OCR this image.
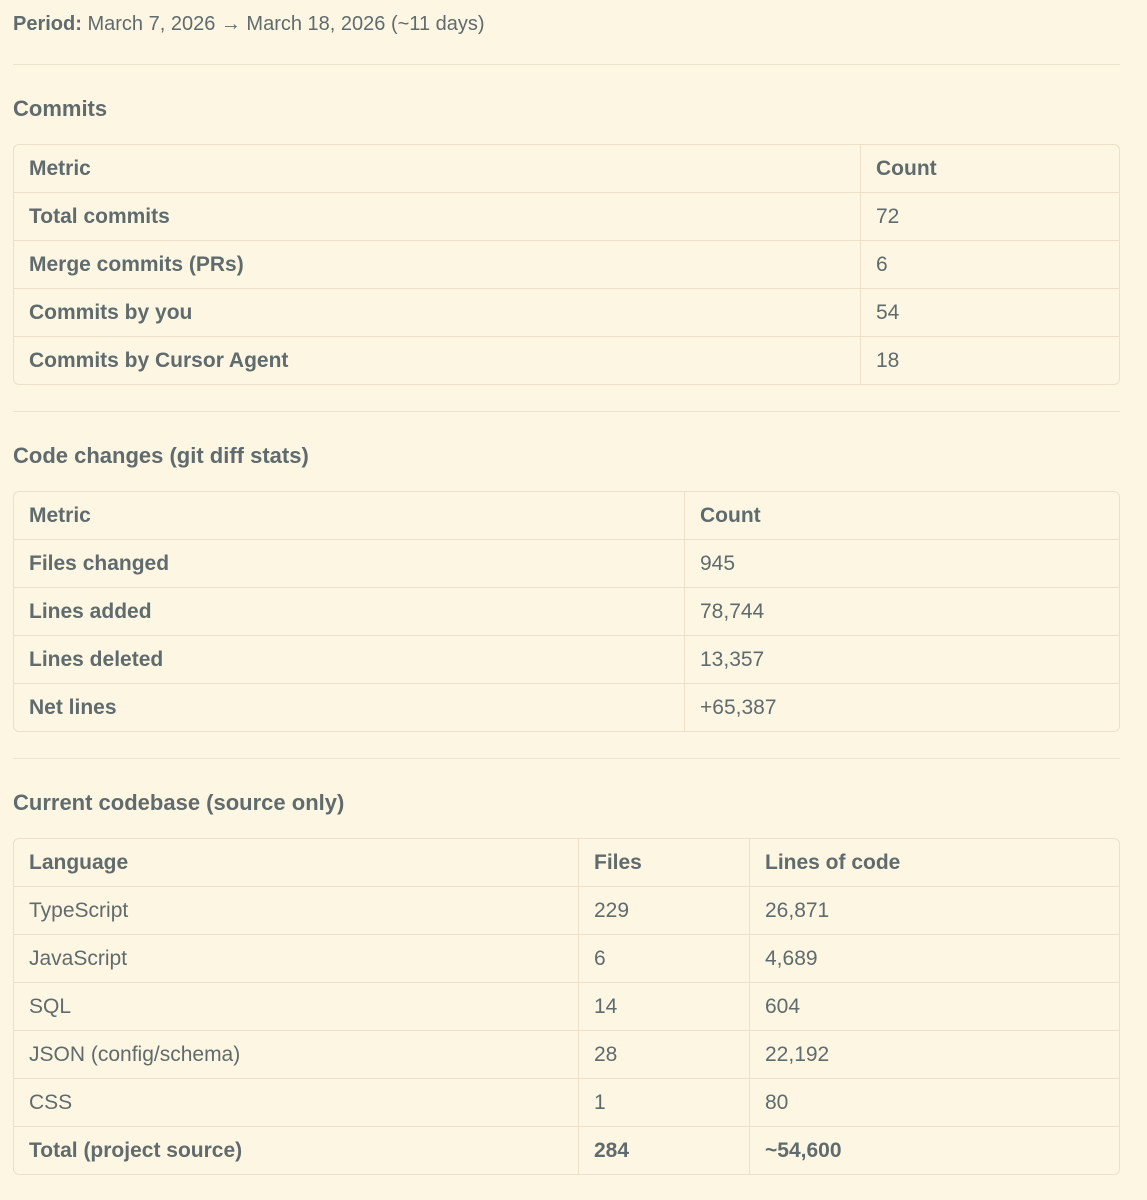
Period: March 7, 2026 → March 18, 2026 (~11 days)
Commits
Metric	Count
Total commits	72
Merge commits (PRs)	6
Commits by you	54
Commits by Cursor Agent	18
Code changes (git diff stats)
Metric	Count
Files changed	945
Lines added	78,744
Lines deleted	13,357
Net lines	+65,387
Current codebase (source only)
Language	Files	Lines of code
TypeScript	229	26,871
JavaScript	6	4,689
SQL	14	604
JSON (config/schema)	28	22,192
CSS	1	80
Total (project source)	284	~54,600
